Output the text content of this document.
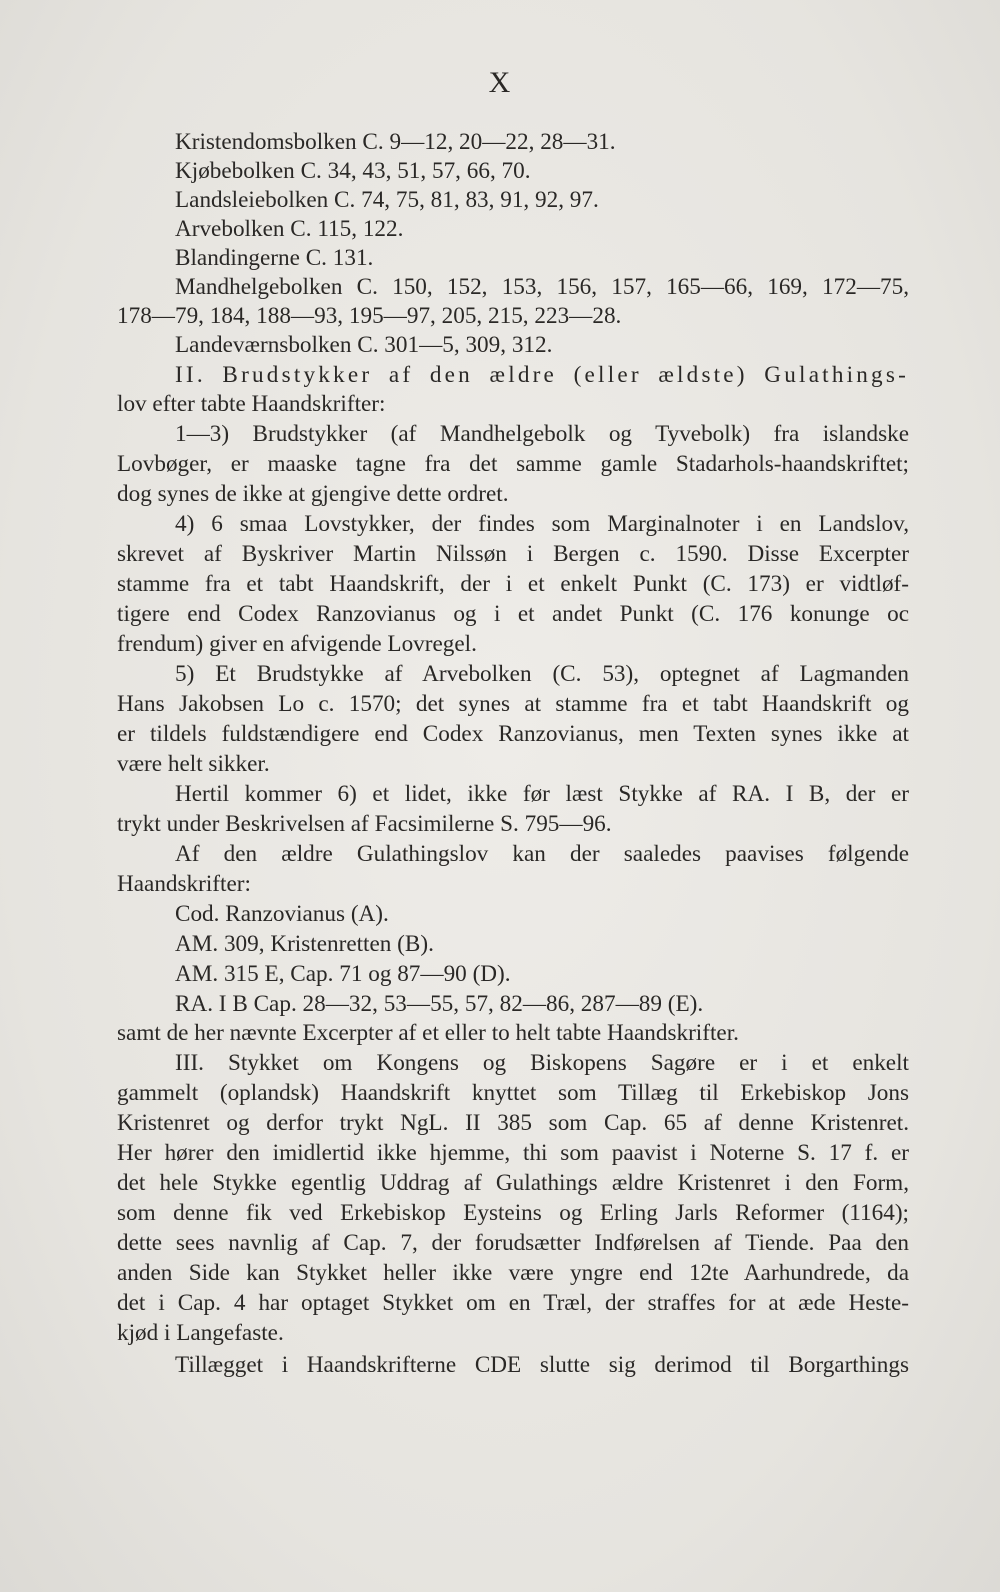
X
Kristendomsbolken C. 9—12, 20—22, 28—31.
Kjøbebolken C. 34, 43, 51, 57, 66, 70.
Landsleiebolken C. 74, 75, 81, 83, 91, 92, 97.
Arvebolken C. 115, 122.
Blandingerne C. 131.
Mandhelgebolken C. 150, 152, 153, 156, 157, 165—66, 169, 172—75,
178—79, 184, 188—93, 195—97, 205, 215, 223—28.
Landeværnsbolken C. 301—5, 309, 312.
II. Brudstykker af den ældre (eller ældste) Gulathings-
lov efter tabte Haandskrifter:
1—3) Brudstykker (af Mandhelgebolk og Tyvebolk) fra islandske
Lovbøger, er maaske tagne fra det samme gamle Stadarhols-haandskriftet;
dog synes de ikke at gjengive dette ordret.
4) 6 smaa Lovstykker, der findes som Marginalnoter i en Landslov,
skrevet af Byskriver Martin Nilssøn i Bergen c. 1590. Disse Excerpter
stamme fra et tabt Haandskrift, der i et enkelt Punkt (C. 173) er vidtløf-
tigere end Codex Ranzovianus og i et andet Punkt (C. 176 konunge oc
frendum) giver en afvigende Lovregel.
5) Et Brudstykke af Arvebolken (C. 53), optegnet af Lagmanden
Hans Jakobsen Lo c. 1570; det synes at stamme fra et tabt Haandskrift og
er tildels fuldstændigere end Codex Ranzovianus, men Texten synes ikke at
være helt sikker.
Hertil kommer 6) et lidet, ikke før læst Stykke af RA. I B, der er
trykt under Beskrivelsen af Facsimilerne S. 795—96.
Af den ældre Gulathingslov kan der saaledes paavises følgende
Haandskrifter:
Cod. Ranzovianus (A).
AM. 309, Kristenretten (B).
AM. 315 E, Cap. 71 og 87—90 (D).
RA. I B Cap. 28—32, 53—55, 57, 82—86, 287—89 (E).
samt de her nævnte Excerpter af et eller to helt tabte Haandskrifter.
III. Stykket om Kongens og Biskopens Sagøre er i et enkelt
gammelt (oplandsk) Haandskrift knyttet som Tillæg til Erkebiskop Jons
Kristenret og derfor trykt NgL. II 385 som Cap. 65 af denne Kristenret.
Her hører den imidlertid ikke hjemme, thi som paavist i Noterne S. 17 f. er
det hele Stykke egentlig Uddrag af Gulathings ældre Kristenret i den Form,
som denne fik ved Erkebiskop Eysteins og Erling Jarls Reformer (1164);
dette sees navnlig af Cap. 7, der forudsætter Indførelsen af Tiende. Paa den
anden Side kan Stykket heller ikke være yngre end 12te Aarhundrede, da
det i Cap. 4 har optaget Stykket om en Træl, der straffes for at æde Heste-
kjød i Langefaste.
Tillægget i Haandskrifterne CDE slutte sig derimod til Borgarthings
